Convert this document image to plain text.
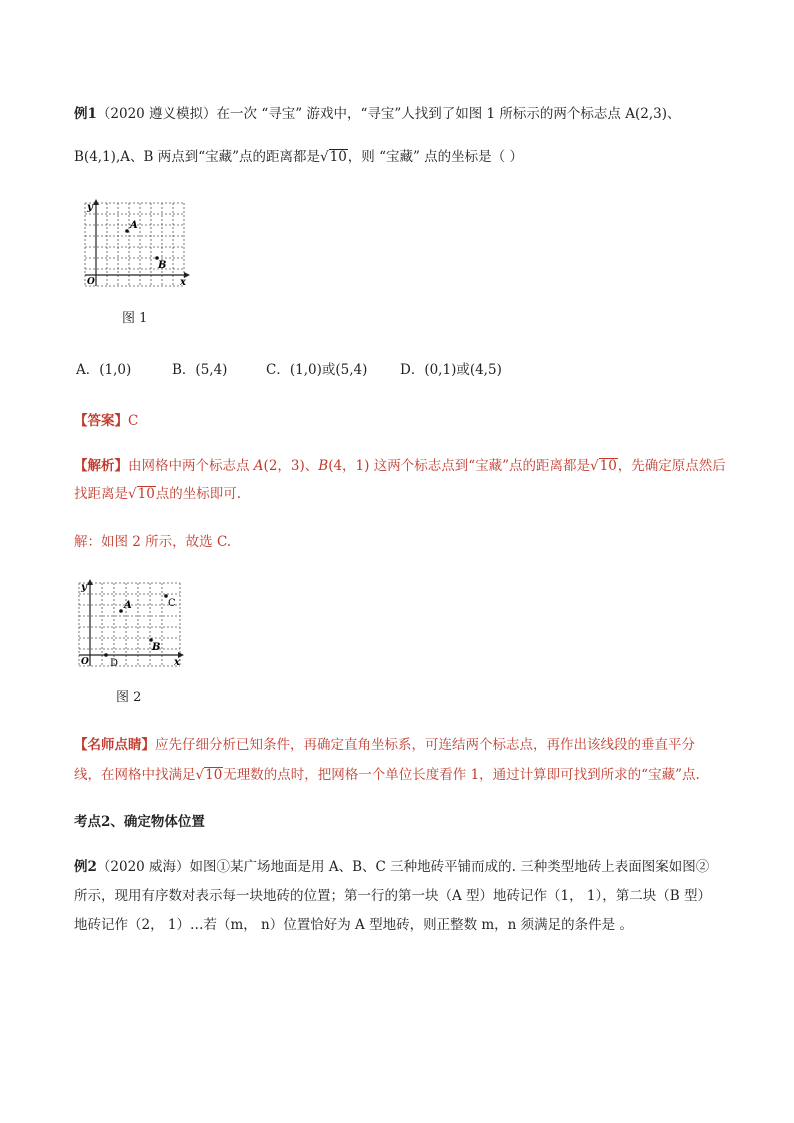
例1（2020 遵义模拟）在一次 “寻宝” 游戏中，“寻宝”人找到了如图 1 所标示的两个标志点 A(2,3)、
B(4,1),A、B 两点到“宝藏”点的距离都是√10，则 “宝藏” 点的坐标是（ ）
y
x
O
A
B
图 1
A．(1,0)	B．(5,4)	C．(1,0)或(5,4) D．(0,1)或(4,5)
【答案】C
【解析】由网格中两个标志点 A(2，3)、B(4，1) 这两个标志点到“宝藏”点的距离都是√10，先确定原点然后
找距离是√10点的坐标即可.
解：如图 2 所示，故选 C.
y
x
O
A
B
C
D
图 2
【名师点睛】应先仔细分析已知条件，再确定直角坐标系，可连结两个标志点，再作出该线段的垂直平分
线，在网格中找满足√10无理数的点时，把网格一个单位长度看作 1，通过计算即可找到所求的“宝藏”点.
考点2、确定物体位置
例2（2020 威海）如图①某广场地面是用 A、B、C 三种地砖平铺而成的. 三种类型地砖上表面图案如图②
所示，现用有序数对表示每一块地砖的位置；第一行的第一块（A 型）地砖记作（1， 1），第二块（B 型）
地砖记作（2， 1）…若（m， n）位置恰好为 A 型地砖，则正整数 m，n 须满足的条件是 。
